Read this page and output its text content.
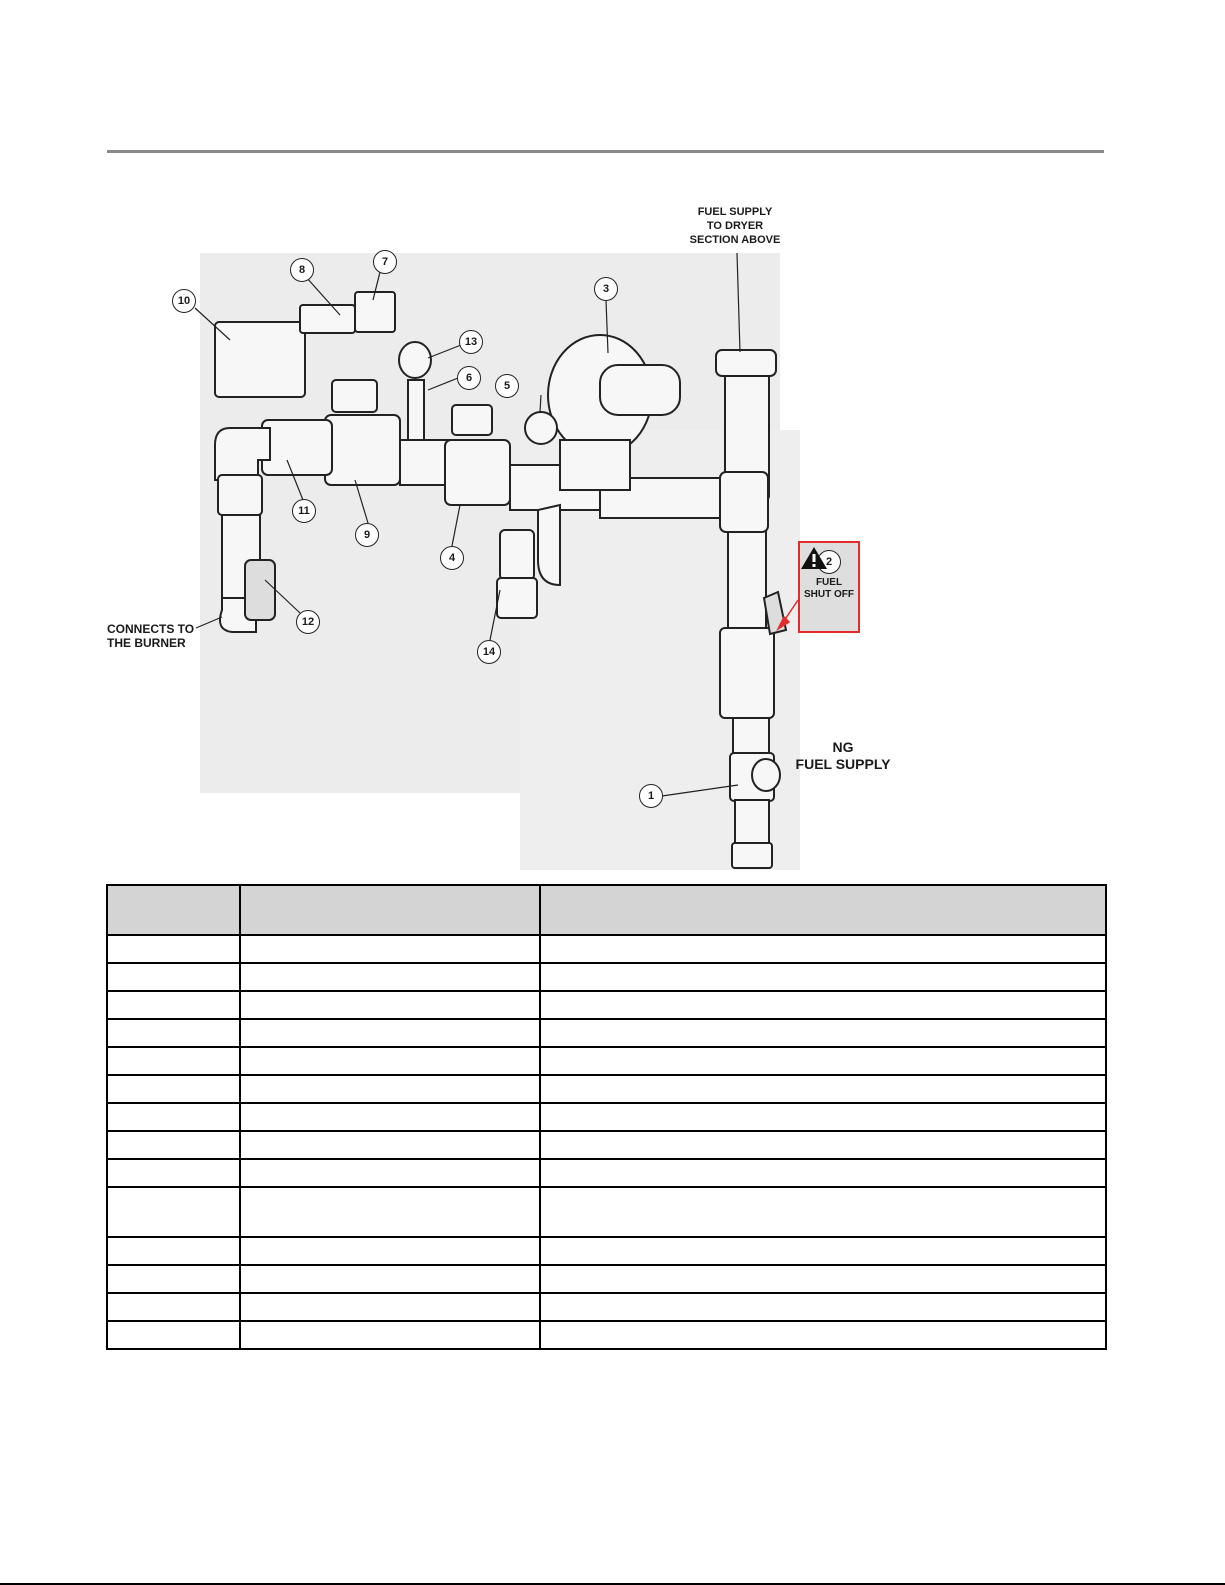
FUEL SUPPLY
TO DRYER
SECTION ABOVE
CONNECTS TO
THE BURNER
NG
FUEL SUPPLY
1
3
4
5
6
7
8
9
10
11
12
13
14
2
FUEL
SHUT OFF
